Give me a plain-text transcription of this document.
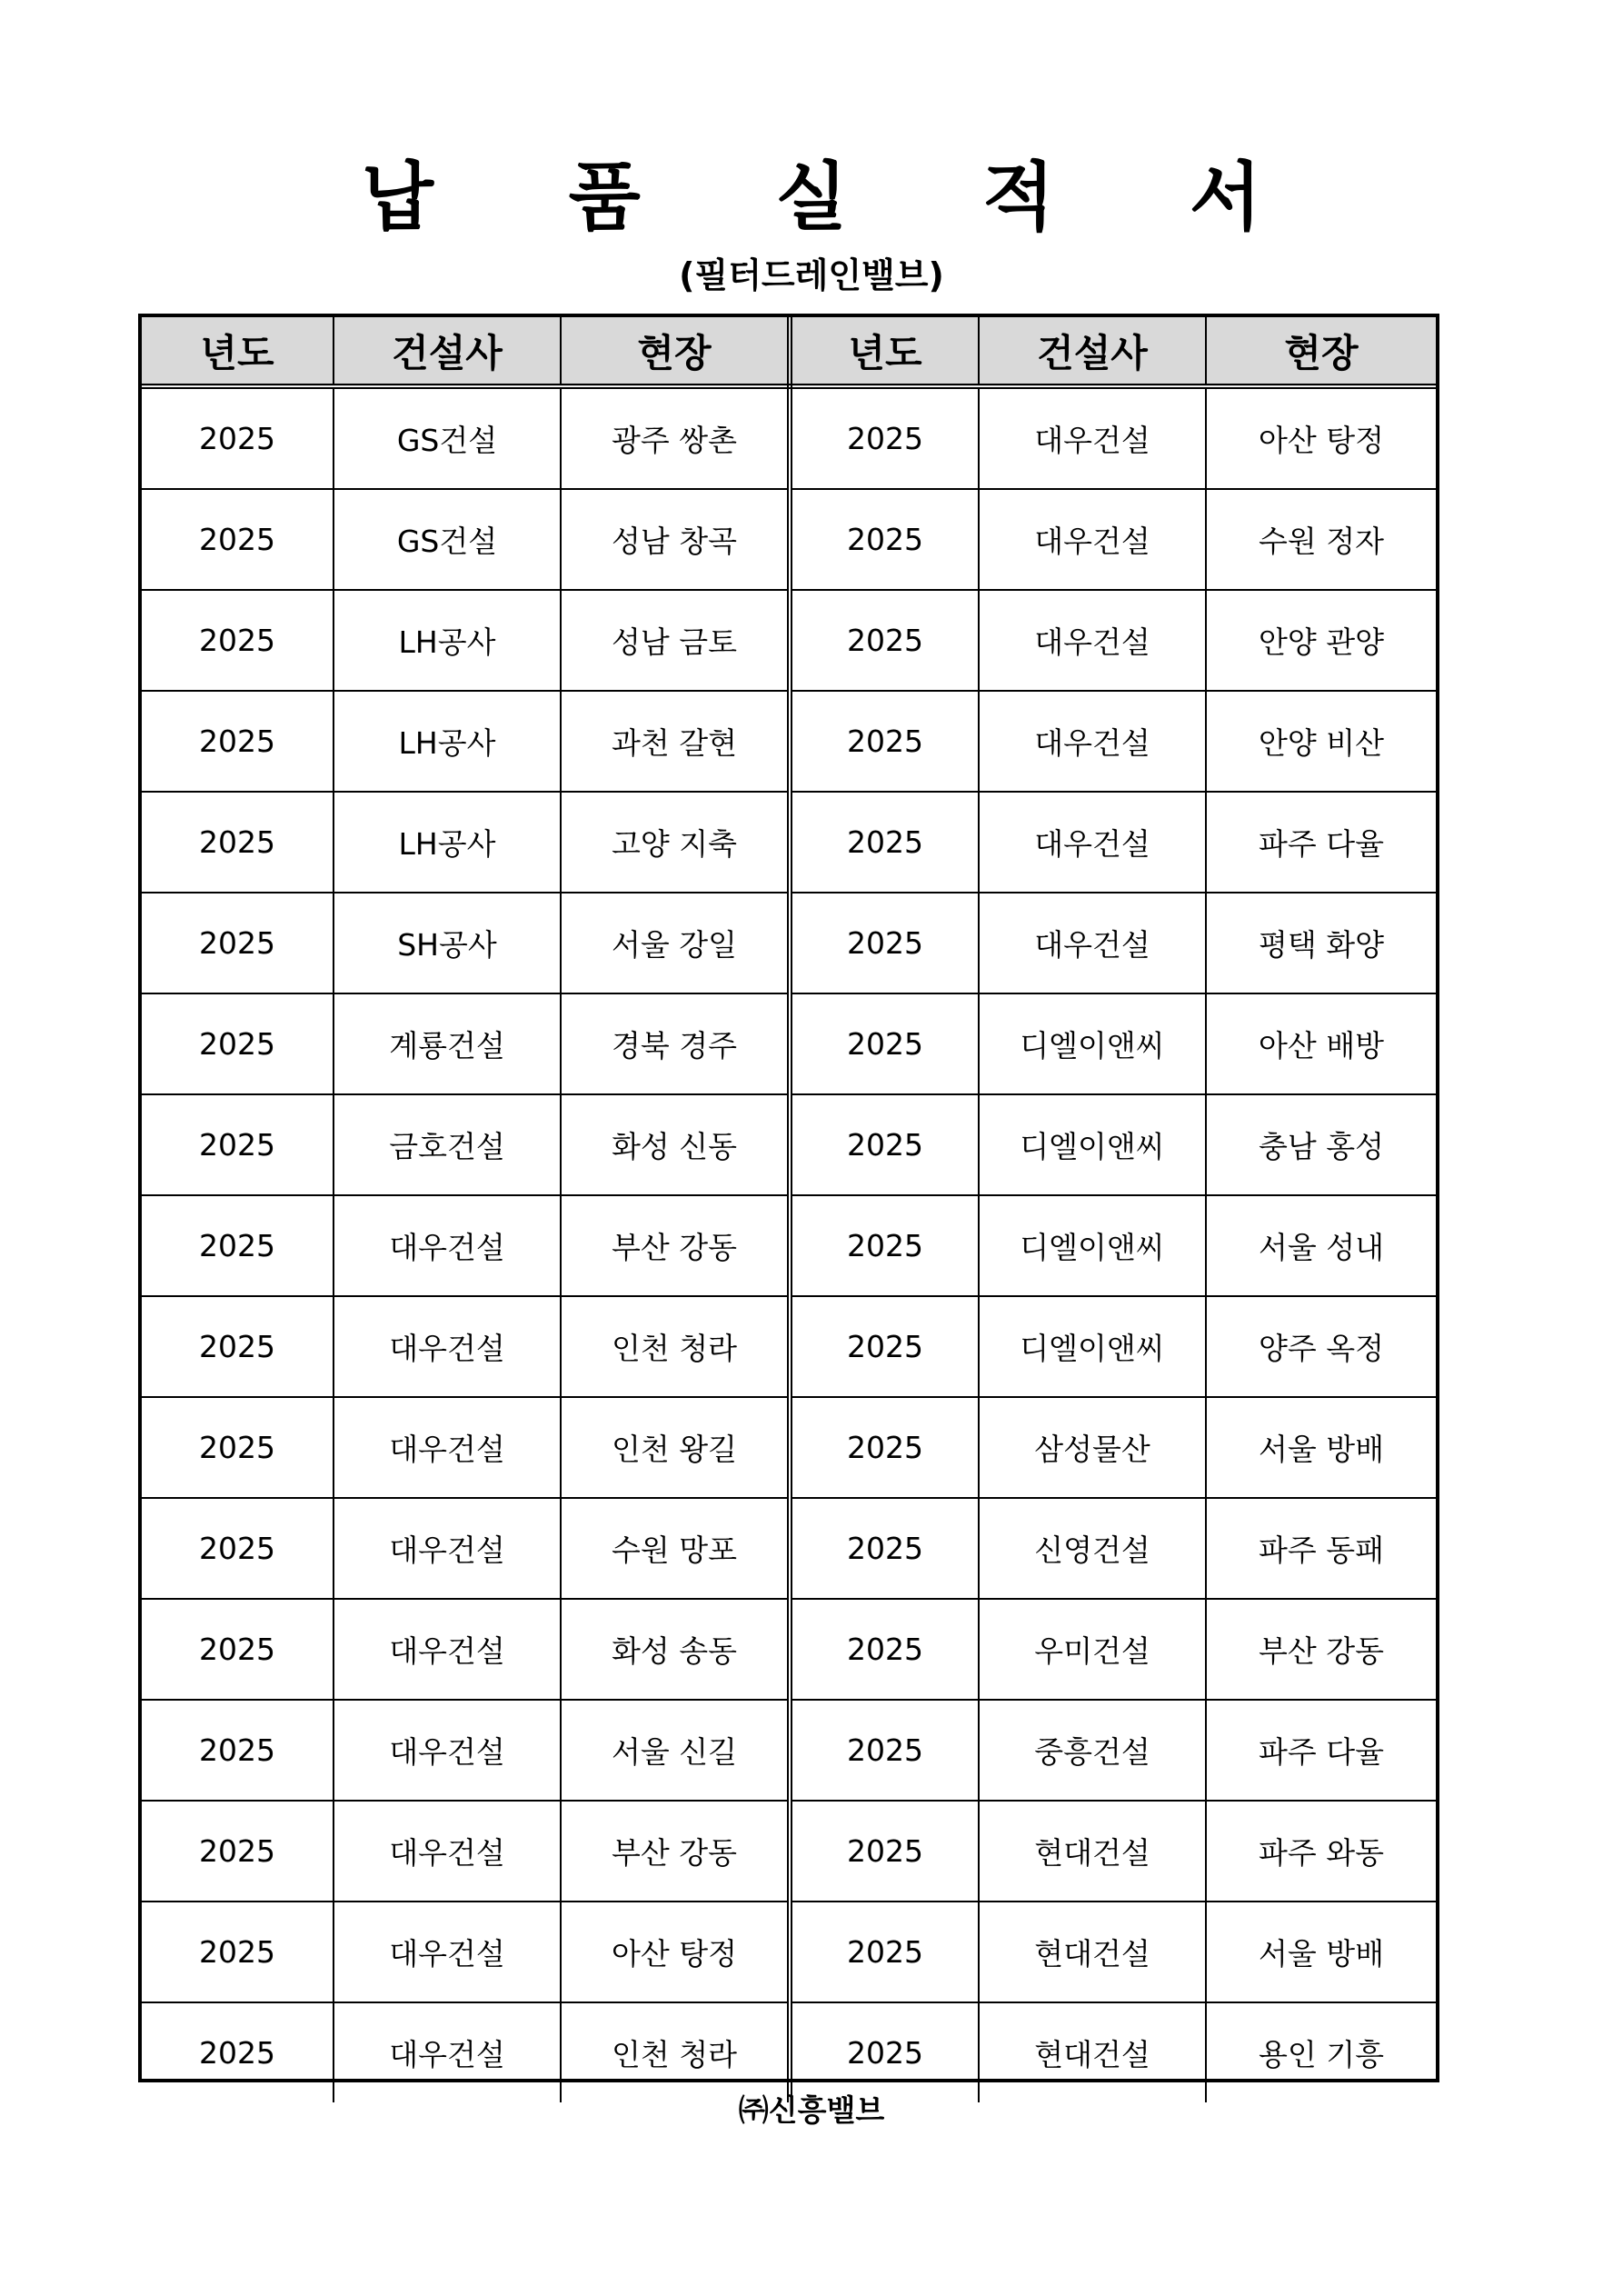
납 품 실 적 서
(필터드레인밸브)
년도	건설사	현장	년도	건설사	현장
2025	GS건설	광주 쌍촌	2025	대우건설	아산 탕정
2025	GS건설	성남 창곡	2025	대우건설	수원 정자
2025	LH공사	성남 금토	2025	대우건설	안양 관양
2025	LH공사	과천 갈현	2025	대우건설	안양 비산
2025	LH공사	고양 지축	2025	대우건설	파주 다율
2025	SH공사	서울 강일	2025	대우건설	평택 화양
2025	계룡건설	경북 경주	2025	디엘이앤씨	아산 배방
2025	금호건설	화성 신동	2025	디엘이앤씨	충남 홍성
2025	대우건설	부산 강동	2025	디엘이앤씨	서울 성내
2025	대우건설	인천 청라	2025	디엘이앤씨	양주 옥정
2025	대우건설	인천 왕길	2025	삼성물산	서울 방배
2025	대우건설	수원 망포	2025	신영건설	파주 동패
2025	대우건설	화성 송동	2025	우미건설	부산 강동
2025	대우건설	서울 신길	2025	중흥건설	파주 다율
2025	대우건설	부산 강동	2025	현대건설	파주 와동
2025	대우건설	아산 탕정	2025	현대건설	서울 방배
2025	대우건설	인천 청라	2025	현대건설	용인 기흥
㈜신흥밸브
